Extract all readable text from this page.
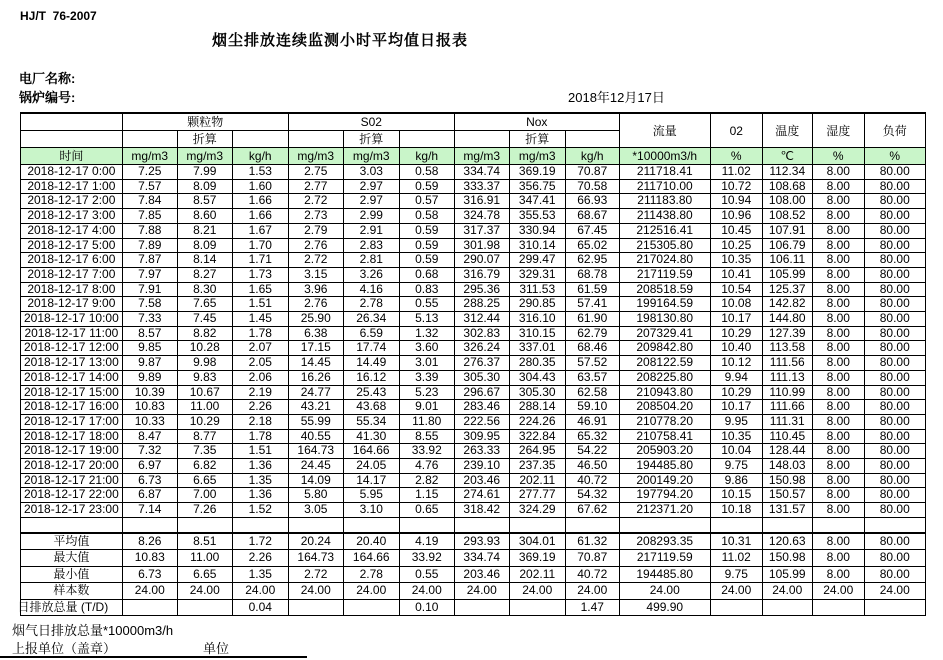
HJ/T  76-2007
烟尘排放连续监测小时平均值日报表
电厂名称:
锅炉编号:	2018年12月17日
	颗粒物			S02			Nox			流量	02	温度	湿度	负荷
		折算			折算			折算						
时间	mg/m3	mg/m3	kg/h	mg/m3	mg/m3	kg/h	mg/m3	mg/m3	kg/h	*10000m3/h	%	℃	%	%
2018-12-17 0:00	7.25	7.99	1.53	2.75	3.03	0.58	334.74	369.19	70.87	211718.41	11.02	112.34	8.00	80.00
2018-12-17 1:00	7.57	8.09	1.60	2.77	2.97	0.59	333.37	356.75	70.58	211710.00	10.72	108.68	8.00	80.00
2018-12-17 2:00	7.84	8.57	1.66	2.72	2.97	0.57	316.91	347.41	66.93	211183.80	10.94	108.00	8.00	80.00
2018-12-17 3:00	7.85	8.60	1.66	2.73	2.99	0.58	324.78	355.53	68.67	211438.80	10.96	108.52	8.00	80.00
2018-12-17 4:00	7.88	8.21	1.67	2.79	2.91	0.59	317.37	330.94	67.45	212516.41	10.45	107.91	8.00	80.00
2018-12-17 5:00	7.89	8.09	1.70	2.76	2.83	0.59	301.98	310.14	65.02	215305.80	10.25	106.79	8.00	80.00
2018-12-17 6:00	7.87	8.14	1.71	2.72	2.81	0.59	290.07	299.47	62.95	217024.80	10.35	106.11	8.00	80.00
2018-12-17 7:00	7.97	8.27	1.73	3.15	3.26	0.68	316.79	329.31	68.78	217119.59	10.41	105.99	8.00	80.00
2018-12-17 8:00	7.91	8.30	1.65	3.96	4.16	0.83	295.36	311.53	61.59	208518.59	10.54	125.37	8.00	80.00
2018-12-17 9:00	7.58	7.65	1.51	2.76	2.78	0.55	288.25	290.85	57.41	199164.59	10.08	142.82	8.00	80.00
2018-12-17 10:00	7.33	7.45	1.45	25.90	26.34	5.13	312.44	316.10	61.90	198130.80	10.17	144.80	8.00	80.00
2018-12-17 11:00	8.57	8.82	1.78	6.38	6.59	1.32	302.83	310.15	62.79	207329.41	10.29	127.39	8.00	80.00
2018-12-17 12:00	9.85	10.28	2.07	17.15	17.74	3.60	326.24	337.01	68.46	209842.80	10.40	113.58	8.00	80.00
2018-12-17 13:00	9.87	9.98	2.05	14.45	14.49	3.01	276.37	280.35	57.52	208122.59	10.12	111.56	8.00	80.00
2018-12-17 14:00	9.89	9.83	2.06	16.26	16.12	3.39	305.30	304.43	63.57	208225.80	9.94	111.13	8.00	80.00
2018-12-17 15:00	10.39	10.67	2.19	24.77	25.43	5.23	296.67	305.30	62.58	210943.80	10.29	110.99	8.00	80.00
2018-12-17 16:00	10.83	11.00	2.26	43.21	43.68	9.01	283.46	288.14	59.10	208504.20	10.17	111.66	8.00	80.00
2018-12-17 17:00	10.33	10.29	2.18	55.99	55.34	11.80	222.56	224.26	46.91	210778.20	9.95	111.31	8.00	80.00
2018-12-17 18:00	8.47	8.77	1.78	40.55	41.30	8.55	309.95	322.84	65.32	210758.41	10.35	110.45	8.00	80.00
2018-12-17 19:00	7.32	7.35	1.51	164.73	164.66	33.92	263.33	264.95	54.22	205903.20	10.04	128.44	8.00	80.00
2018-12-17 20:00	6.97	6.82	1.36	24.45	24.05	4.76	239.10	237.35	46.50	194485.80	9.75	148.03	8.00	80.00
2018-12-17 21:00	6.73	6.65	1.35	14.09	14.17	2.82	203.46	202.11	40.72	200149.20	9.86	150.98	8.00	80.00
2018-12-17 22:00	6.87	7.00	1.36	5.80	5.95	1.15	274.61	277.77	54.32	197794.20	10.15	150.57	8.00	80.00
2018-12-17 23:00	7.14	7.26	1.52	3.05	3.10	0.65	318.42	324.29	67.62	212371.20	10.18	131.57	8.00	80.00

平均值	8.26	8.51	1.72	20.24	20.40	4.19	293.93	304.01	61.32	208293.35	10.31	120.63	8.00	80.00
最大值	10.83	11.00	2.26	164.73	164.66	33.92	334.74	369.19	70.87	217119.59	11.02	150.98	8.00	80.00
最小值	6.73	6.65	1.35	2.72	2.78	0.55	203.46	202.11	40.72	194485.80	9.75	105.99	8.00	80.00
样本数	24.00	24.00	24.00	24.00	24.00	24.00	24.00	24.00	24.00	24.00	24.00	24.00	24.00	24.00
日排放总量 (T/D)			0.04			0.10			1.47	499.90				
烟气日排放总量*10000m3/h
上报单位（盖章）	单位
